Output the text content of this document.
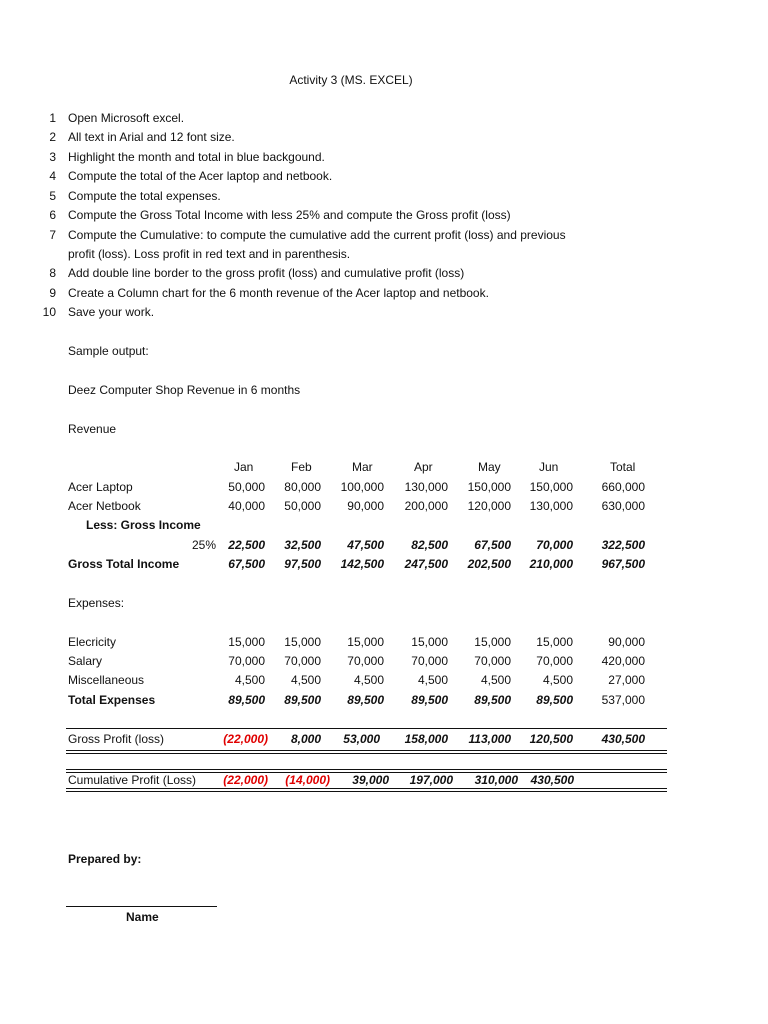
Activity 3 (MS. EXCEL)
1 Open Microsoft excel.
2 All text in Arial and 12 font size.
3 Highlight the month and total in blue backgound.
4 Compute the total of the Acer laptop and netbook.
5 Compute the total expenses.
6 Compute the Gross Total Income with less 25% and compute the Gross profit (loss)
7 Compute the Cumulative: to compute the cumulative add the current profit (loss) and previous
profit (loss). Loss profit in red text and in parenthesis.
8 Add double line border to the gross profit (loss) and cumulative profit (loss)
9 Create a Column chart for the 6 month revenue of the Acer laptop and netbook.
10 Save your work.
Sample output:
Deez Computer Shop Revenue in 6 months
Revenue
Jan	Feb	Mar	Apr	May	Jun	Total
Less: Gross Income
Expenses:
Acer Laptop	50,000	80,000	100,000	130,000	150,000	150,000	660,000
Acer Netbook	40,000	50,000	90,000	200,000	120,000	130,000	630,000
25%	22,500	32,500	47,500	82,500	67,500	70,000	322,500
Gross Total Income	67,500	97,500	142,500	247,500	202,500	210,000	967,500
Elecricity	15,000	15,000	15,000	15,000	15,000	15,000	90,000
Salary	70,000	70,000	70,000	70,000	70,000	70,000	420,000
Miscellaneous	4,500	4,500	4,500	4,500	4,500	4,500	27,000
Total Expenses	89,500	89,500	89,500	89,500	89,500	89,500	537,000
Gross Profit (loss)	(22,000)	8,000	53,000	158,000	113,000	120,500	430,500
Cumulative Profit (Loss)	(22,000)	(14,000)	39,000	197,000	310,000	430,500
Prepared by:
Name
